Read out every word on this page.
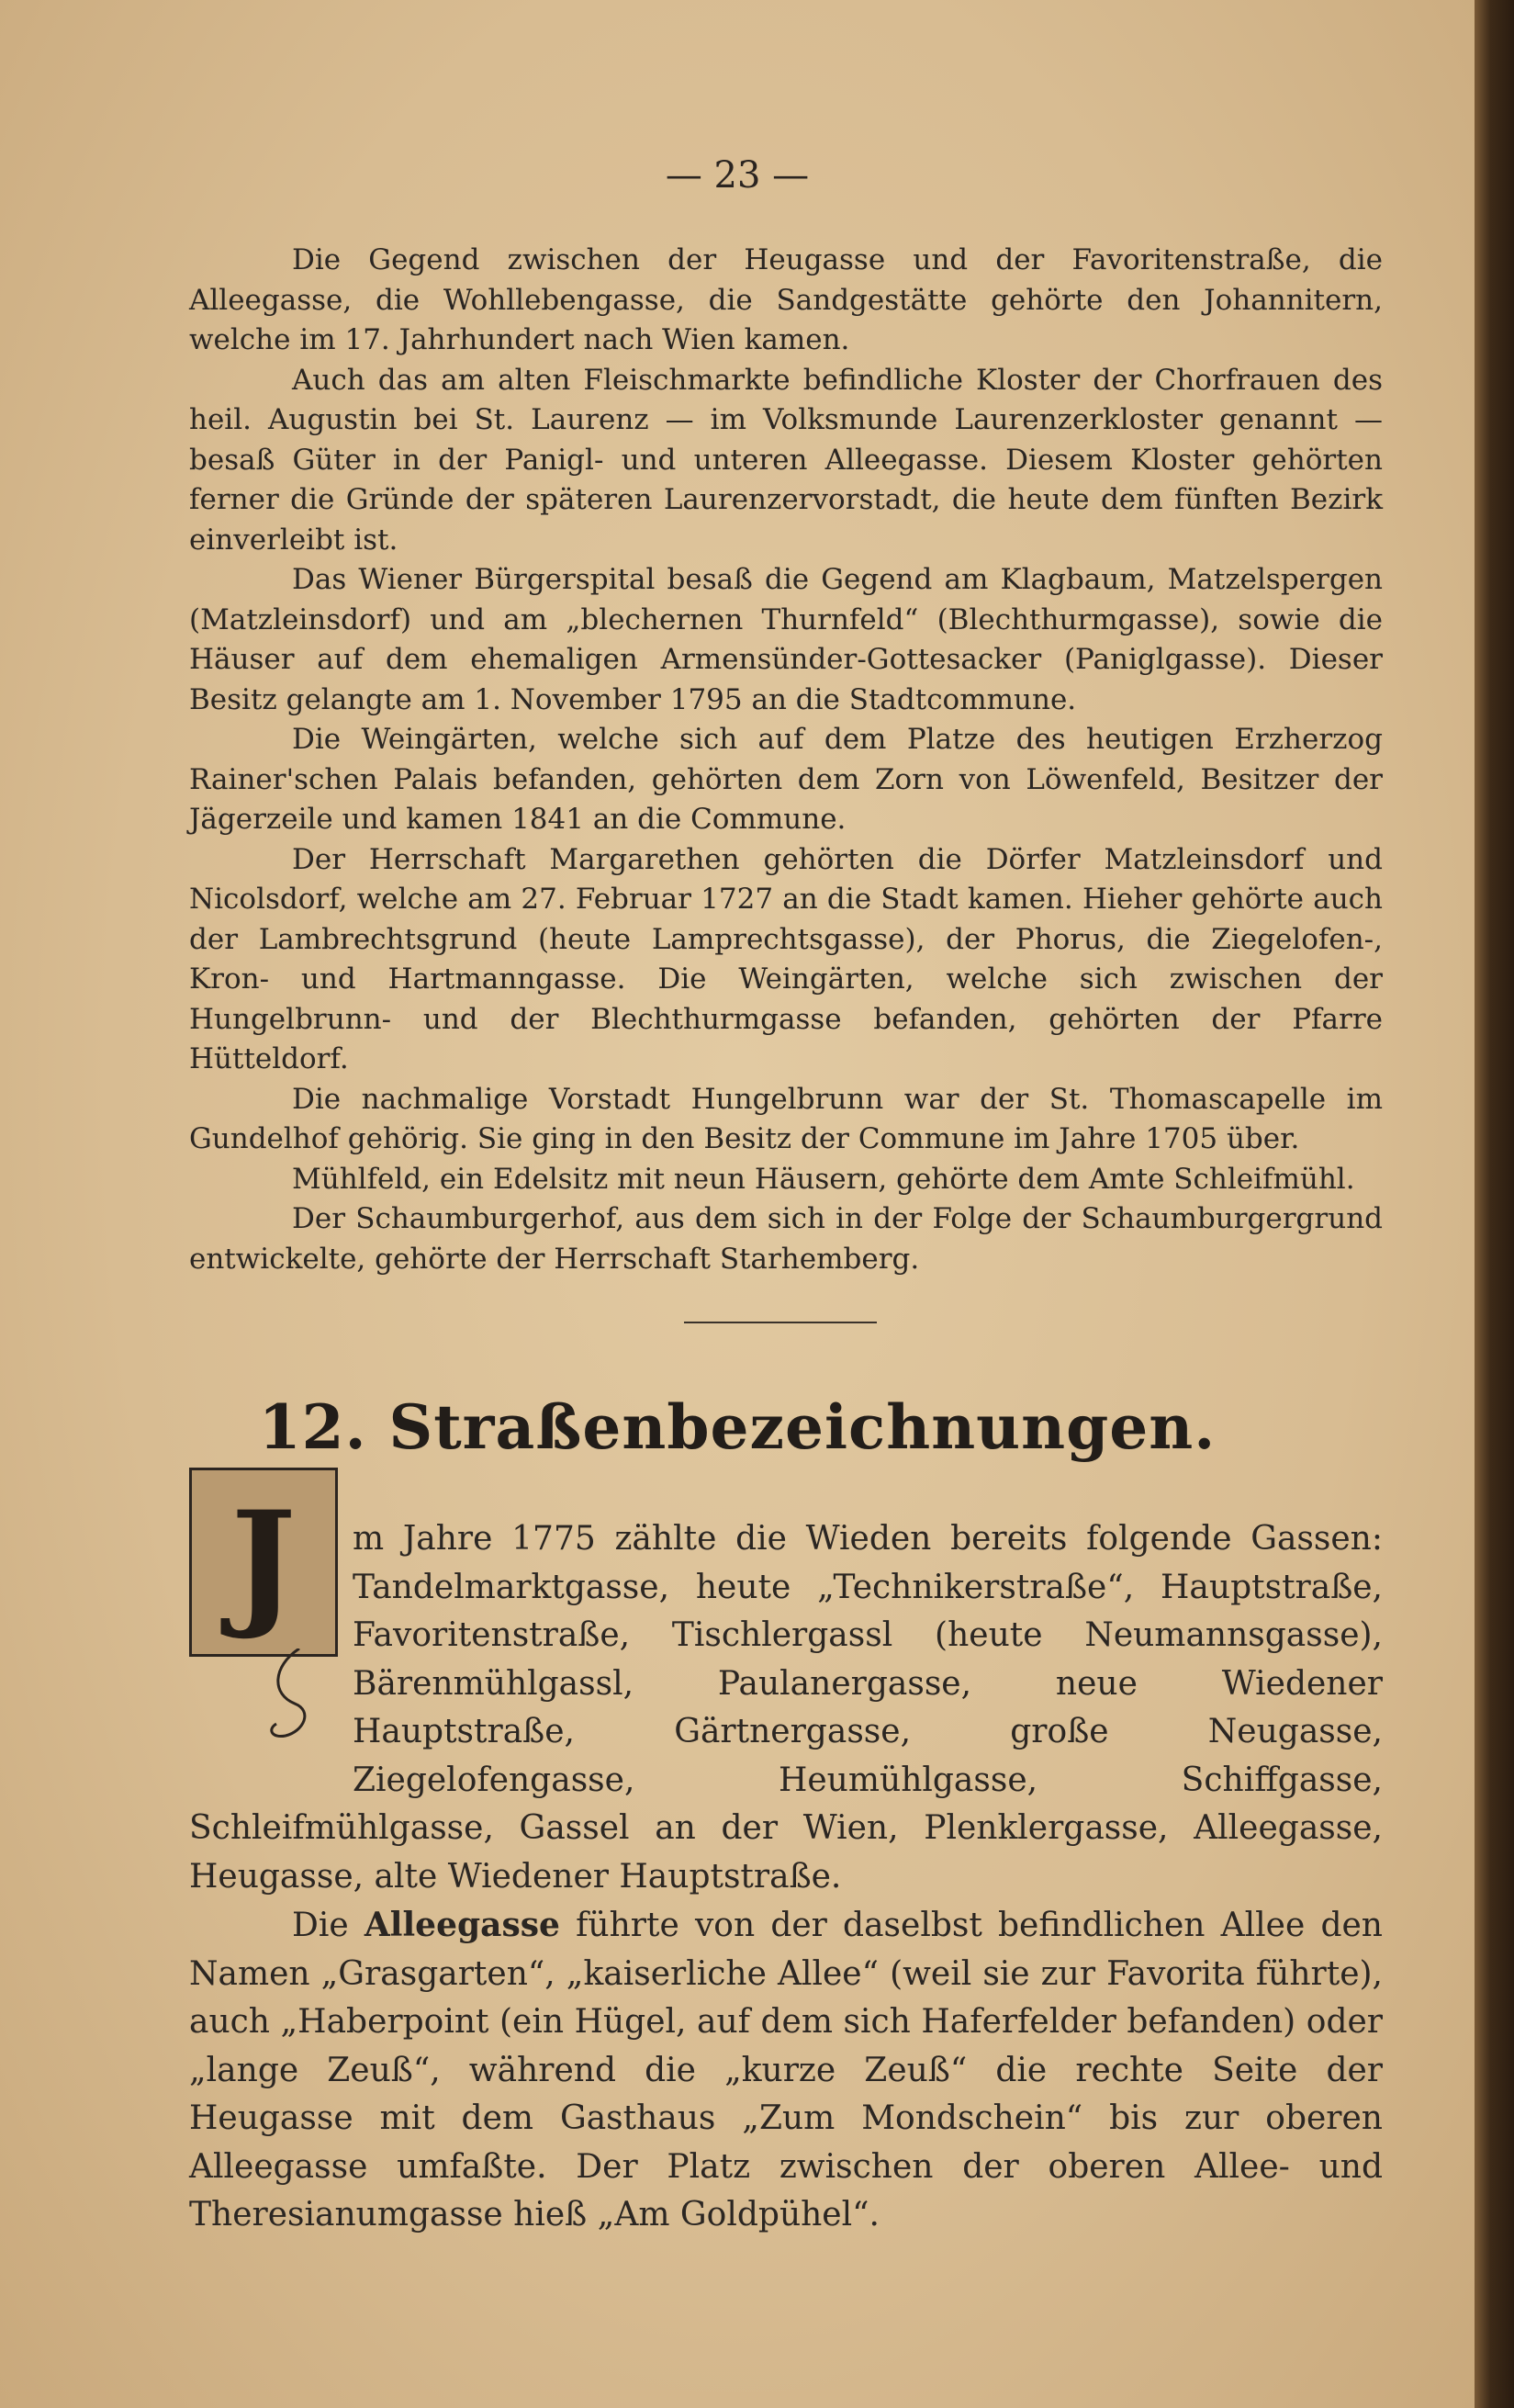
— 23 —

Die Gegend zwischen der Heugasse und der Favoritenstraße, die Alleegasse, die Wohllebengasse, die Sandgestätte gehörte den Johannitern, welche im 17. Jahrhundert nach Wien kamen.

Auch das am alten Fleischmarkte befindliche Kloster der Chorfrauen des heil. Augustin bei St. Laurenz — im Volksmunde Laurenzerkloster genannt — besaß Güter in der Panigl- und unteren Alleegasse. Diesem Kloster gehörten ferner die Gründe der späteren Laurenzervorstadt, die heute dem fünften Bezirk einverleibt ist.

Das Wiener Bürgerspital besaß die Gegend am Klagbaum, Matzelspergen (Matzleinsdorf) und am „blechernen Thurnfeld“ (Blechthurmgasse), sowie die Häuser auf dem ehemaligen Armensünder-Gottesacker (Paniglgasse). Dieser Besitz gelangte am 1. November 1795 an die Stadtcommune.

Die Weingärten, welche sich auf dem Platze des heutigen Erzherzog Rainer'schen Palais befanden, gehörten dem Zorn von Löwenfeld, Besitzer der Jägerzeile und kamen 1841 an die Commune.

Der Herrschaft Margarethen gehörten die Dörfer Matzleinsdorf und Nicolsdorf, welche am 27. Februar 1727 an die Stadt kamen. Hieher gehörte auch der Lambrechtsgrund (heute Lamprechtsgasse), der Phorus, die Ziegelofen-, Kron- und Hartmanngasse. Die Weingärten, welche sich zwischen der Hungelbrunn- und der Blechthurmgasse befanden, gehörten der Pfarre Hütteldorf.

Die nachmalige Vorstadt Hungelbrunn war der St. Thomascapelle im Gundelhof gehörig. Sie ging in den Besitz der Commune im Jahre 1705 über.

Mühlfeld, ein Edelsitz mit neun Häusern, gehörte dem Amte Schleifmühl.

Der Schaumburgerhof, aus dem sich in der Folge der Schaumburgergrund entwickelte, gehörte der Herrschaft Starhemberg.

12. Straßenbezeichnungen.
J	m Jahre 1775 zählte die Wieden bereits folgende Gassen: Tandelmarktgasse, heute „Technikerstraße“, Hauptstraße, Favoritenstraße, Tischlergassl (heute Neumannsgasse), Bärenmühlgassl, Paulanergasse, neue Wiedener Hauptstraße, Gärtnergasse, große Neugasse, Ziegelofengasse, Heumühlgasse, Schiffgasse, Schleifmühlgasse, Gassel an der Wien, Plenklergasse, Alleegasse, Heugasse, alte Wiedener Hauptstraße.

Die Alleegasse führte von der daselbst befindlichen Allee den Namen „Grasgarten“, „kaiserliche Allee“ (weil sie zur Favorita führte), auch „Haberpoint (ein Hügel, auf dem sich Haferfelder befanden) oder „lange Zeuß“, während die „kurze Zeuß“ die rechte Seite der Heugasse mit dem Gasthaus „Zum Mondschein“ bis zur oberen Alleegasse umfaßte. Der Platz zwischen der oberen Allee- und Theresianumgasse hieß „Am Goldpühel“.
